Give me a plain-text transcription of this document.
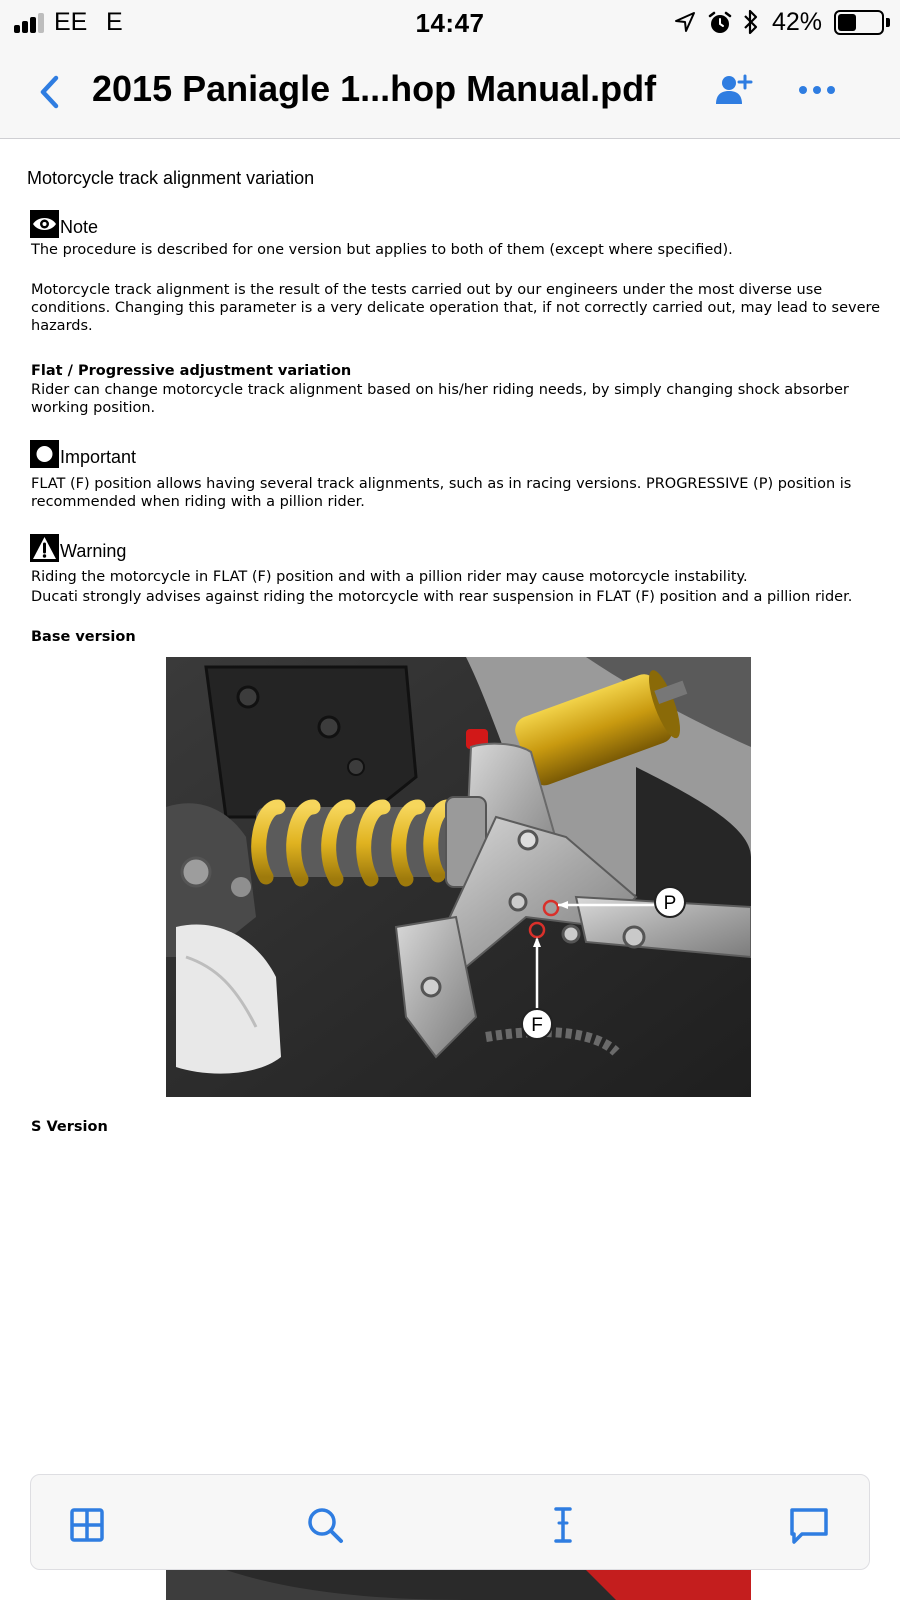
EE E	14:47	42%
2015 Paniagle 1...hop Manual.pdf
Motorcycle track alignment variation
Note
The procedure is described for one version but applies to both of them (except where specified).
Motorcycle track alignment is the result of the tests carried out by our engineers under the most diverse use conditions. Changing this parameter is a very delicate operation that, if not correctly carried out, may lead to severe hazards.
Flat / Progressive adjustment variation
Rider can change motorcycle track alignment based on his/her riding needs, by simply changing shock absorber working position.
Important
FLAT (F) position allows having several track alignments, such as in racing versions. PROGRESSIVE (P) position is recommended when riding with a pillion rider.
Warning
Riding the motorcycle in FLAT (F) position and with a pillion rider may cause motorcycle instability.
Ducati strongly advises against riding the motorcycle with rear suspension in FLAT (F) position and a pillion rider.
Base version
P
F
S Version
